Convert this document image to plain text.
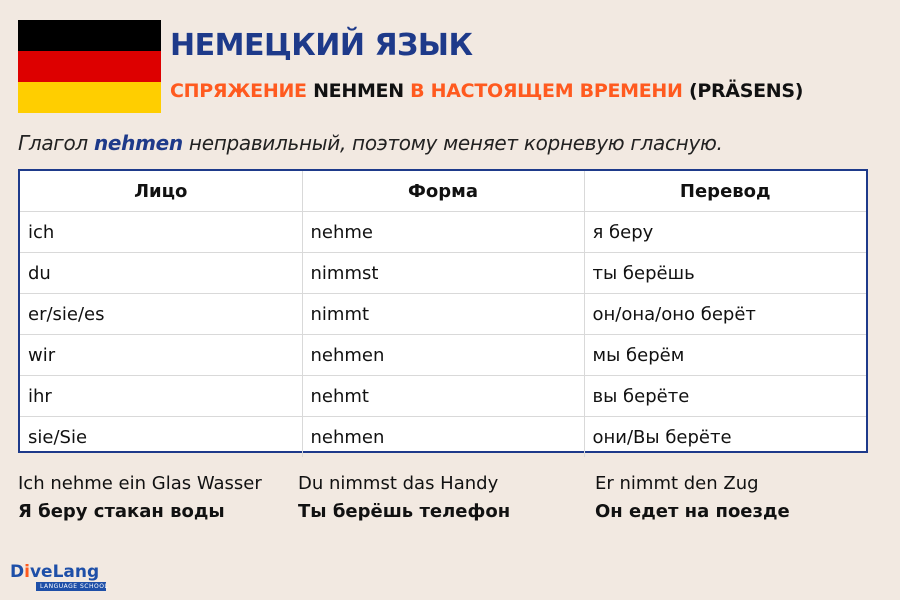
НЕМЕЦКИЙ ЯЗЫК
СПРЯЖЕНИЕ NEHMEN В НАСТОЯЩЕМ ВРЕМЕНИ (PRÄSENS)
Глагол nehmen неправильный, поэтому меняет корневую гласную.
Лицо	Форма	Перевод
ich	nehme	я беру
du	nimmst	ты берёшь
er/sie/es	nimmt	он/она/оно берёт
wir	nehmen	мы берём
ihr	nehmt	вы берёте
sie/Sie	nehmen	они/Вы берёте
Ich nehme ein Glas Wasser
Я беру стакан воды
Du nimmst das Handy
Ты берёшь телефон
Er nimmt den Zug
Он едет на поезде
DiveLang
LANGUAGE SCHOOL
